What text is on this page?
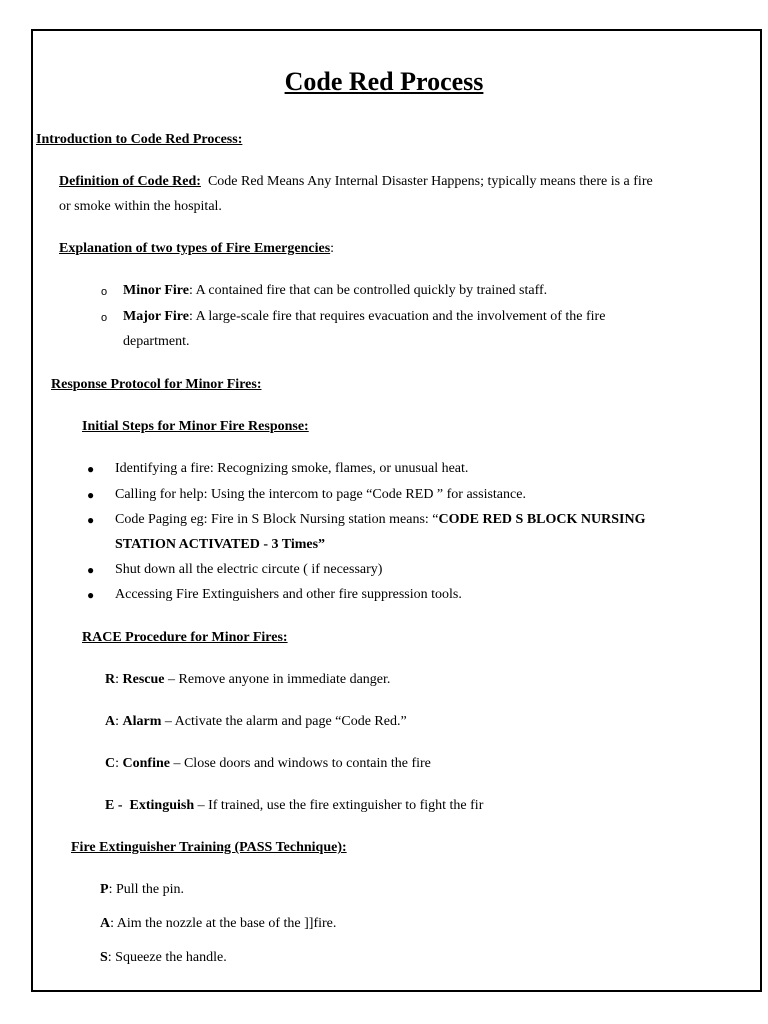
Code Red Process
Introduction to Code Red Process:
Definition of Code Red: Code Red Means Any Internal Disaster Happens; typically means there is a fire
or smoke within the hospital.
Explanation of two types of Fire Emergencies:
o Minor Fire: A contained fire that can be controlled quickly by trained staff.
o Major Fire: A large-scale fire that requires evacuation and the involvement of the fire
department.
Response Protocol for Minor Fires:
Initial Steps for Minor Fire Response:
● Identifying a fire: Recognizing smoke, flames, or unusual heat.
● Calling for help: Using the intercom to page “Code RED ” for assistance.
● Code Paging eg: Fire in S Block Nursing station means: “CODE RED S BLOCK NURSING
STATION ACTIVATED - 3 Times”
● Shut down all the electric circute ( if necessary)
● Accessing Fire Extinguishers and other fire suppression tools.
RACE Procedure for Minor Fires:
R: Rescue – Remove anyone in immediate danger.
A: Alarm – Activate the alarm and page “Code Red.”
C: Confine – Close doors and windows to contain the fire
E -  Extinguish – If trained, use the fire extinguisher to fight the fir
Fire Extinguisher Training (PASS Technique):
P: Pull the pin.
A: Aim the nozzle at the base of the ]]fire.
S: Squeeze the handle.
